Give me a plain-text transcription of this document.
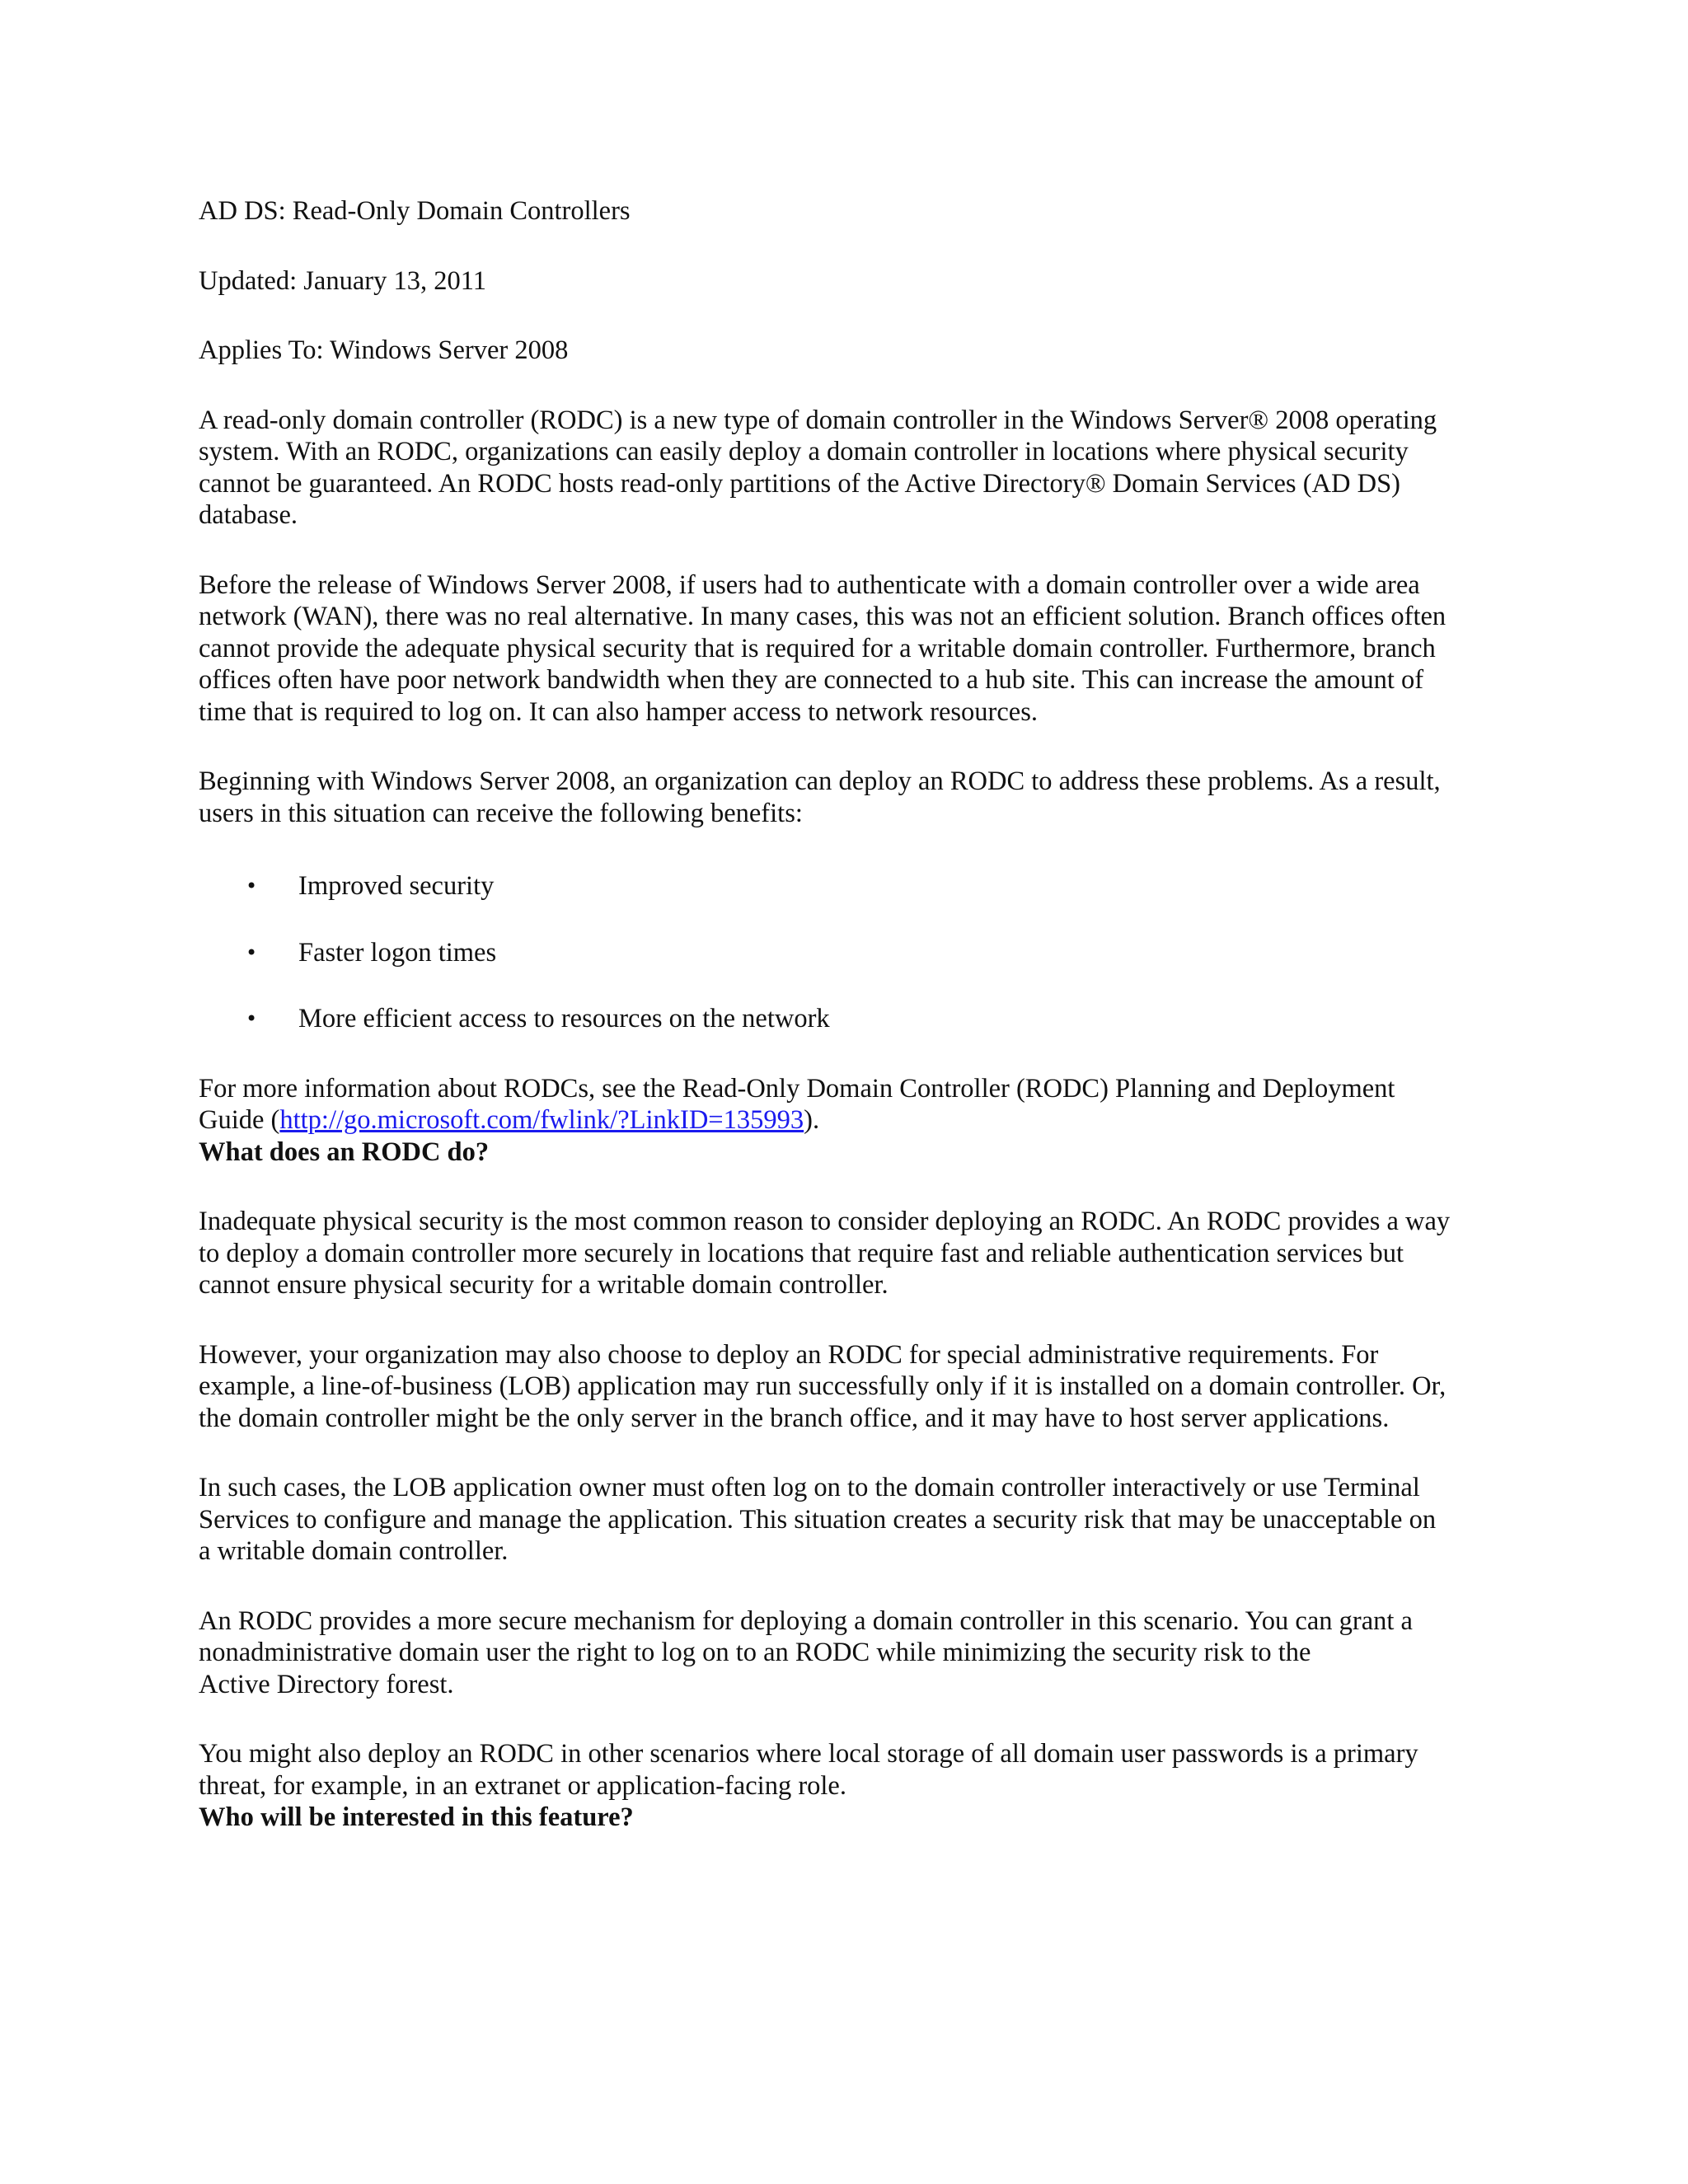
AD DS: Read-Only Domain Controllers

Updated: January 13, 2011

Applies To: Windows Server 2008

A read-only domain controller (RODC) is a new type of domain controller in the Windows Server® 2008 operating
system. With an RODC, organizations can easily deploy a domain controller in locations where physical security
cannot be guaranteed. An RODC hosts read-only partitions of the Active Directory® Domain Services (AD DS)
database.

Before the release of Windows Server 2008, if users had to authenticate with a domain controller over a wide area
network (WAN), there was no real alternative. In many cases, this was not an efficient solution. Branch offices often
cannot provide the adequate physical security that is required for a writable domain controller. Furthermore, branch
offices often have poor network bandwidth when they are connected to a hub site. This can increase the amount of
time that is required to log on. It can also hamper access to network resources.

Beginning with Windows Server 2008, an organization can deploy an RODC to address these problems. As a result,
users in this situation can receive the following benefits:

• Improved security
• Faster logon times
• More efficient access to resources on the network

For more information about RODCs, see the Read-Only Domain Controller (RODC) Planning and Deployment
Guide (http://go.microsoft.com/fwlink/?LinkID=135993).

What does an RODC do?

Inadequate physical security is the most common reason to consider deploying an RODC. An RODC provides a way
to deploy a domain controller more securely in locations that require fast and reliable authentication services but
cannot ensure physical security for a writable domain controller.

However, your organization may also choose to deploy an RODC for special administrative requirements. For
example, a line-of-business (LOB) application may run successfully only if it is installed on a domain controller. Or,
the domain controller might be the only server in the branch office, and it may have to host server applications.

In such cases, the LOB application owner must often log on to the domain controller interactively or use Terminal
Services to configure and manage the application. This situation creates a security risk that may be unacceptable on
a writable domain controller.

An RODC provides a more secure mechanism for deploying a domain controller in this scenario. You can grant a
nonadministrative domain user the right to log on to an RODC while minimizing the security risk to the
Active Directory forest.

You might also deploy an RODC in other scenarios where local storage of all domain user passwords is a primary
threat, for example, in an extranet or application-facing role.

Who will be interested in this feature?
